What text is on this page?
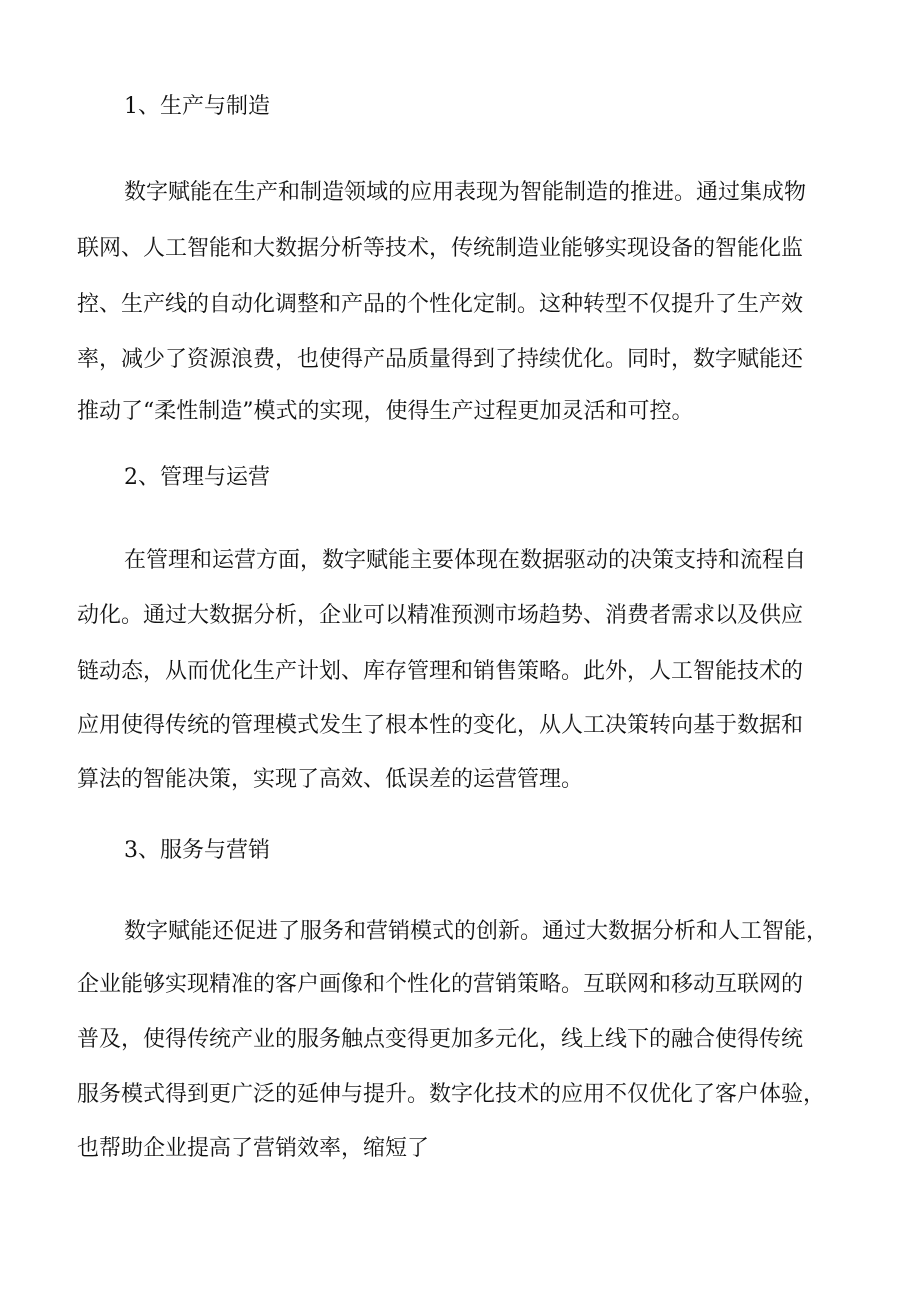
1、生产与制造
数字赋能在生产和制造领域的应用表现为智能制造的推进。通过集成物
联网、人工智能和大数据分析等技术，传统制造业能够实现设备的智能化监
控、生产线的自动化调整和产品的个性化定制。这种转型不仅提升了生产效
率，减少了资源浪费，也使得产品质量得到了持续优化。同时，数字赋能还
推动了“柔性制造”模式的实现，使得生产过程更加灵活和可控。
2、管理与运营
在管理和运营方面，数字赋能主要体现在数据驱动的决策支持和流程自
动化。通过大数据分析，企业可以精准预测市场趋势、消费者需求以及供应
链动态，从而优化生产计划、库存管理和销售策略。此外，人工智能技术的
应用使得传统的管理模式发生了根本性的变化，从人工决策转向基于数据和
算法的智能决策，实现了高效、低误差的运营管理。
3、服务与营销
数字赋能还促进了服务和营销模式的创新。通过大数据分析和人工智能，
企业能够实现精准的客户画像和个性化的营销策略。互联网和移动互联网的
普及，使得传统产业的服务触点变得更加多元化，线上线下的融合使得传统
服务模式得到更广泛的延伸与提升。数字化技术的应用不仅优化了客户体验，
也帮助企业提高了营销效率，缩短了
